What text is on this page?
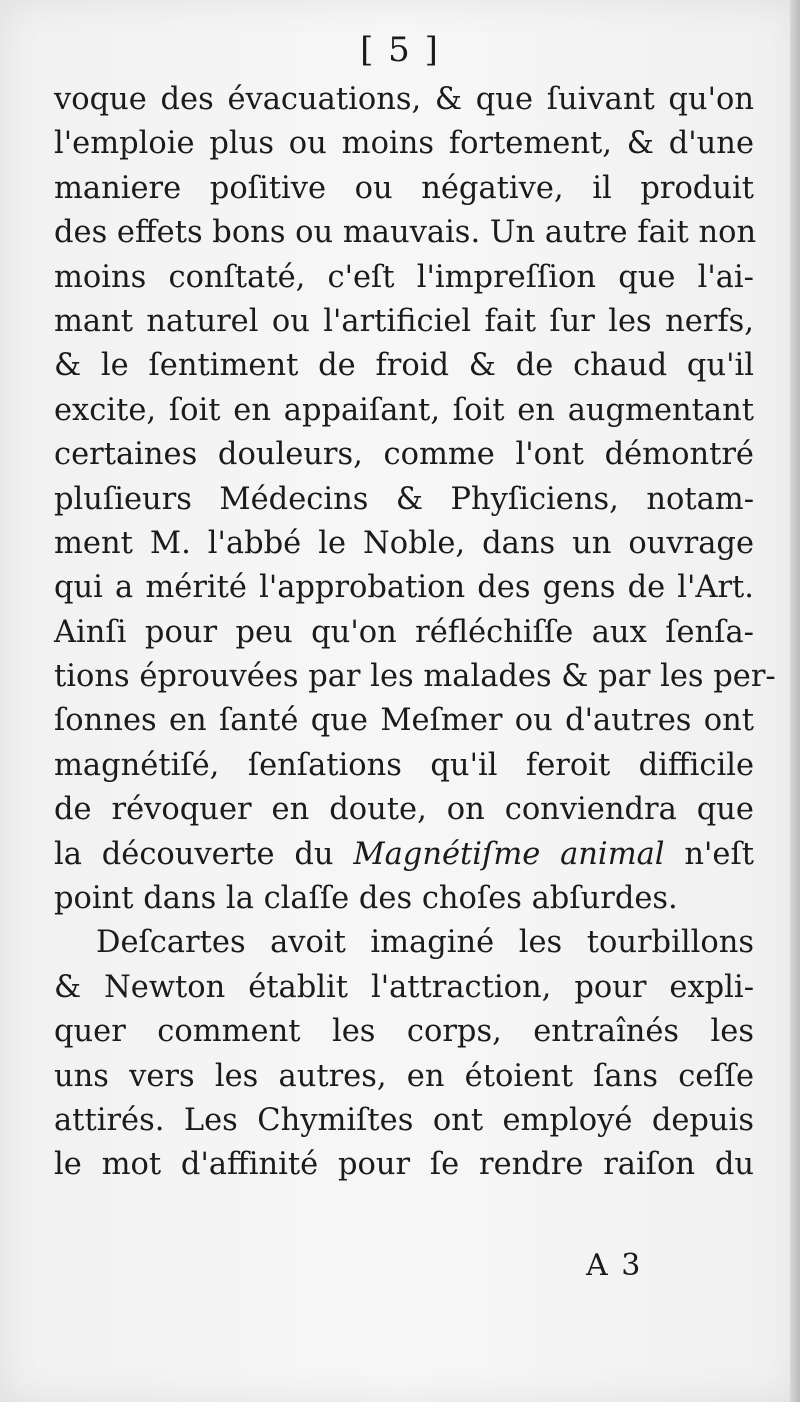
[ 5 ]
voque des évacuations, & que ſuivant qu'on
l'emploie plus ou moins fortement, & d'une
maniere poſitive ou négative, il produit
des effets bons ou mauvais. Un autre fait non
moins conſtaté, c'eſt l'impreſſion que l'ai-
mant naturel ou l'artificiel fait ſur les nerfs,
& le ſentiment de froid & de chaud qu'il
excite, ſoit en appaiſant, ſoit en augmentant
certaines douleurs, comme l'ont démontré
pluſieurs Médecins & Phyſiciens, notam-
ment M. l'abbé le Noble, dans un ouvrage
qui a mérité l'approbation des gens de l'Art.
Ainſi pour peu qu'on réfléchiſſe aux ſenſa-
tions éprouvées par les malades & par les per-
ſonnes en ſanté que Meſmer ou d'autres ont
magnétiſé, ſenſations qu'il feroit difficile
de révoquer en doute, on conviendra que
la découverte du Magnétiſme animal n'eſt
point dans la claſſe des choſes abſurdes.
Deſcartes avoit imaginé les tourbillons
& Newton établit l'attraction, pour expli-
quer comment les corps, entraînés les
uns vers les autres, en étoient ſans ceſſe
attirés. Les Chymiſtes ont employé depuis
le mot d'affinité pour ſe rendre raiſon du
A 3
